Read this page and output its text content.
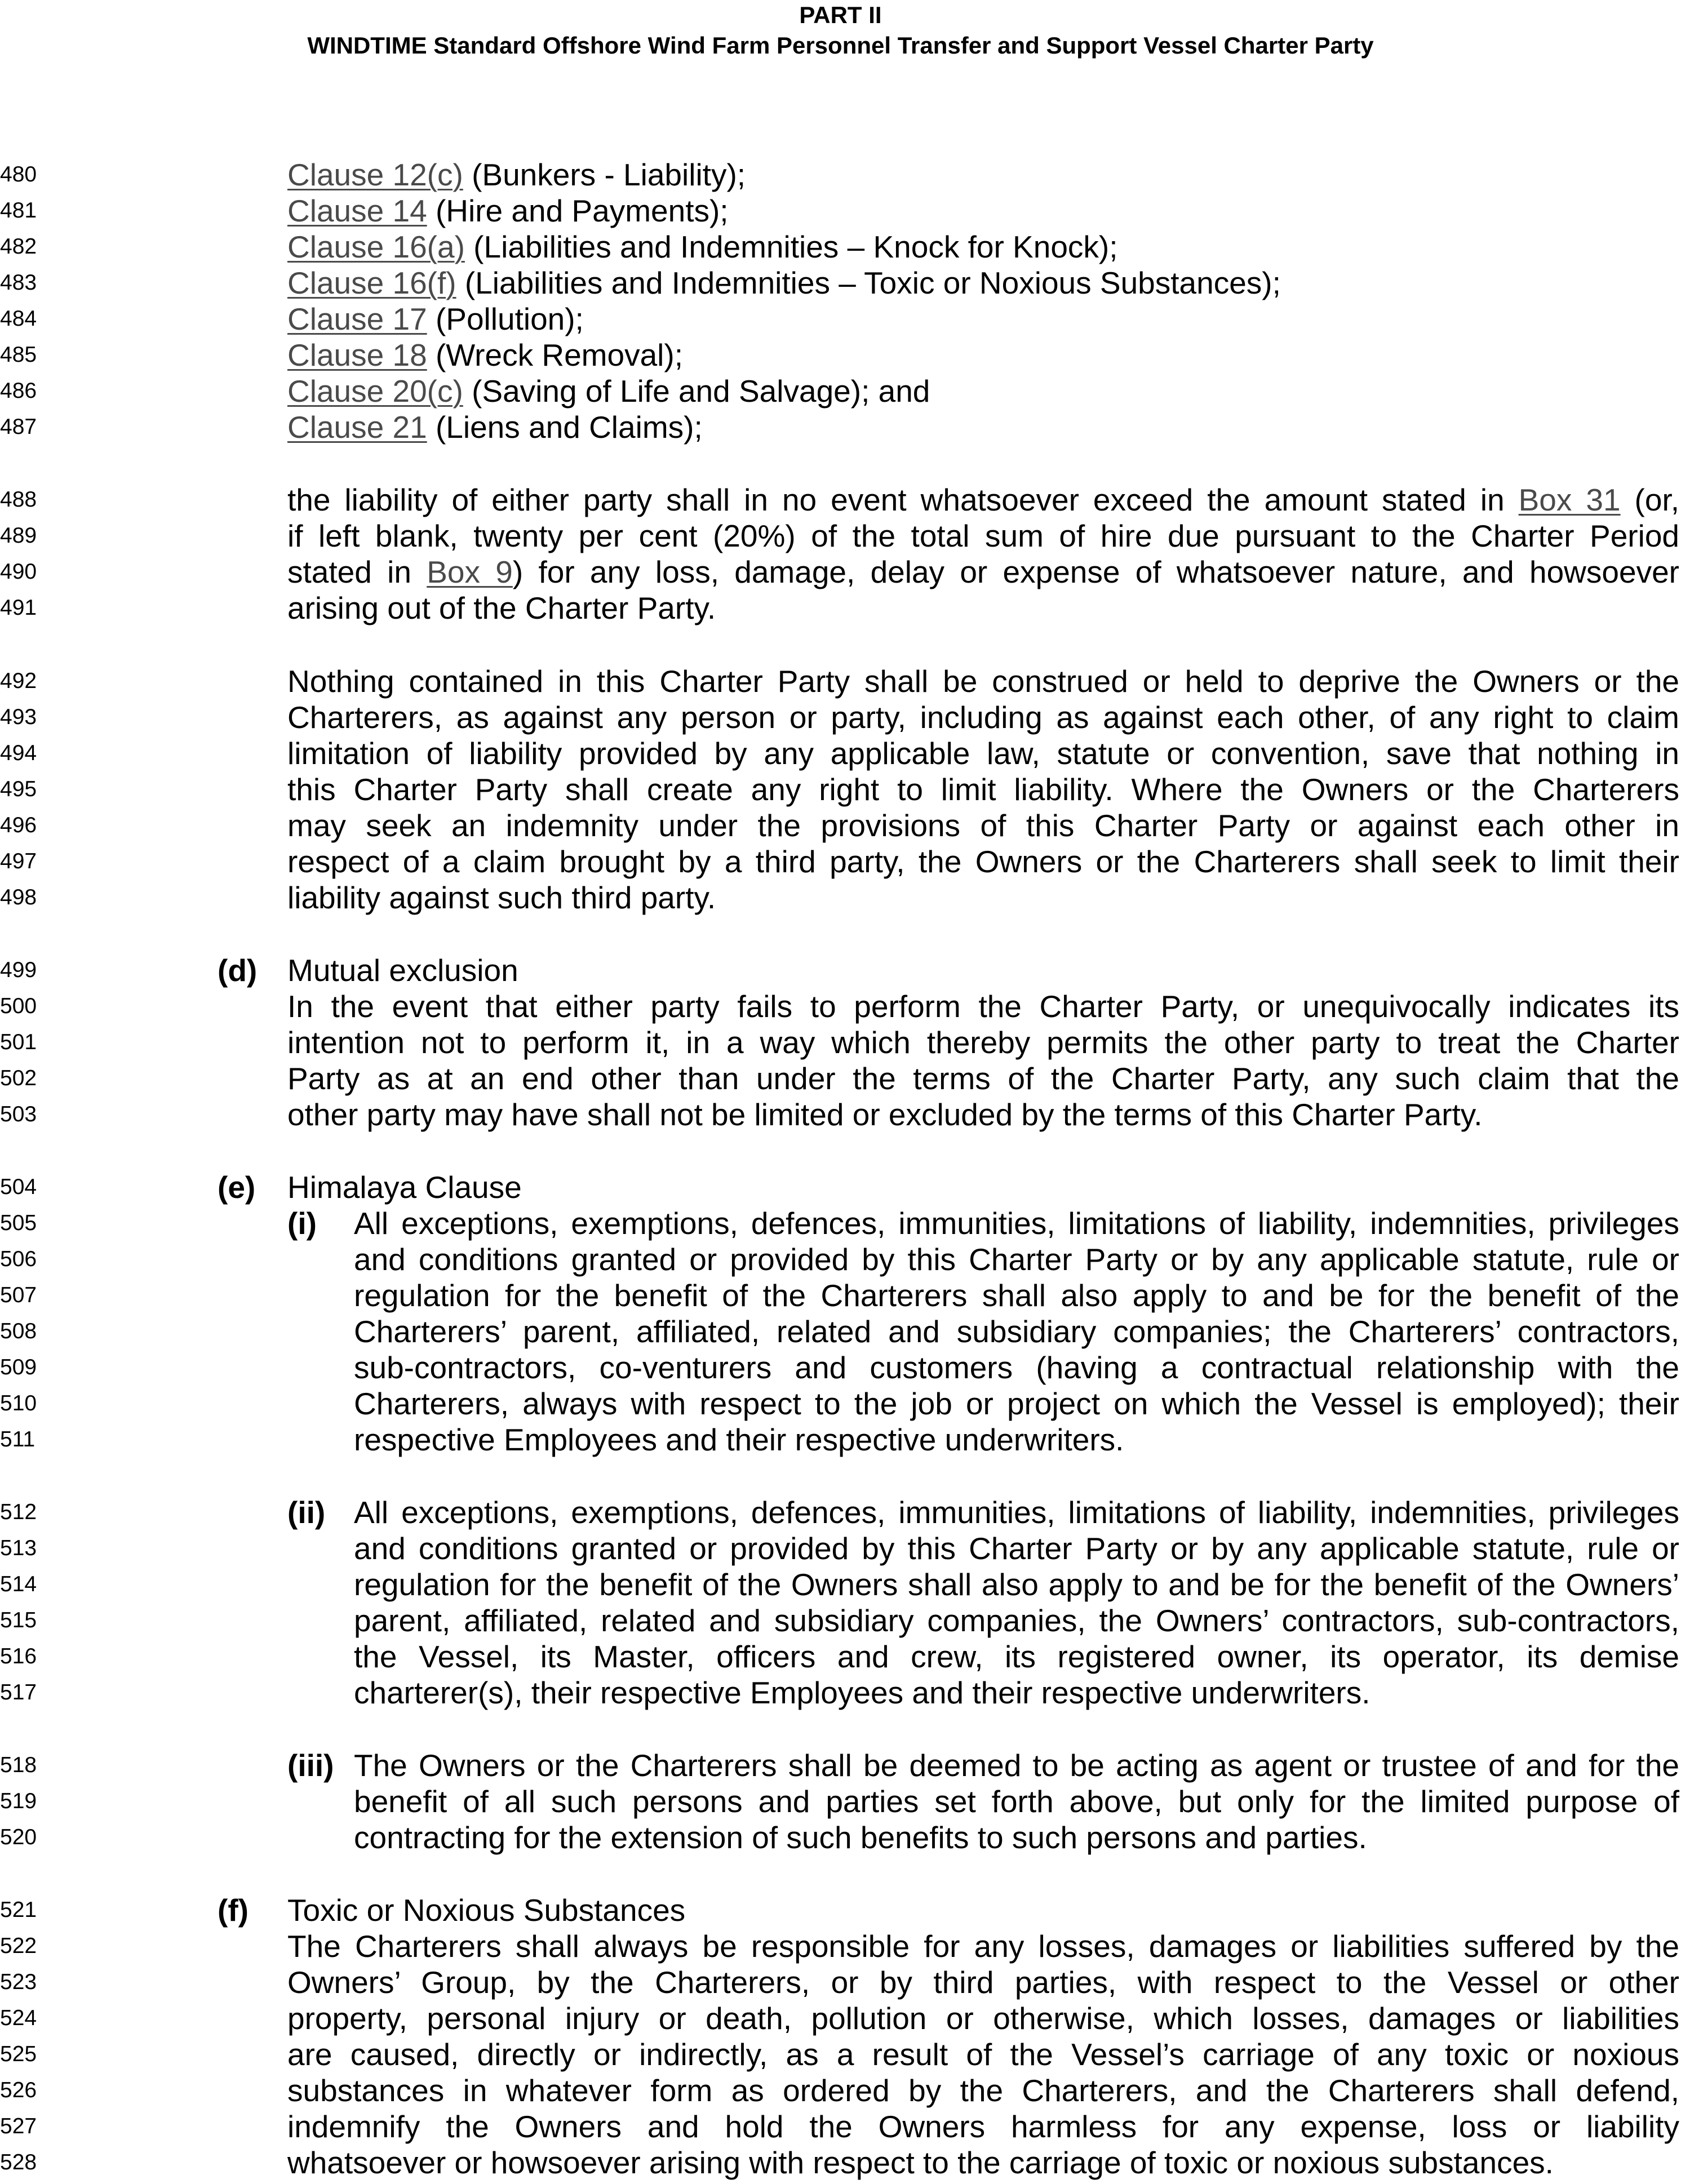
PART II
WINDTIME Standard Offshore Wind Farm Personnel Transfer and Support Vessel Charter Party
480	Clause 12(c) (Bunkers - Liability);
481	Clause 14 (Hire and Payments);
482	Clause 16(a) (Liabilities and Indemnities – Knock for Knock);
483	Clause 16(f) (Liabilities and Indemnities – Toxic or Noxious Substances);
484	Clause 17 (Pollution);
485	Clause 18 (Wreck Removal);
486	Clause 20(c) (Saving of Life and Salvage); and
487	Clause 21 (Liens and Claims);
488	the liability of either party shall in no event whatsoever exceed the amount stated in Box 31 (or,
489	if left blank, twenty per cent (20%) of the total sum of hire due pursuant to the Charter Period
490	stated in Box 9) for any loss, damage, delay or expense of whatsoever nature, and howsoever
491	arising out of the Charter Party.
492	Nothing contained in this Charter Party shall be construed or held to deprive the Owners or the
493	Charterers, as against any person or party, including as against each other, of any right to claim
494	limitation of liability provided by any applicable law, statute or convention, save that nothing in
495	this Charter Party shall create any right to limit liability. Where the Owners or the Charterers
496	may seek an indemnity under the provisions of this Charter Party or against each other in
497	respect of a claim brought by a third party, the Owners or the Charterers shall seek to limit their
498	liability against such third party.
499	(d) Mutual exclusion
500	In the event that either party fails to perform the Charter Party, or unequivocally indicates its
501	intention not to perform it, in a way which thereby permits the other party to treat the Charter
502	Party as at an end other than under the terms of the Charter Party, any such claim that the
503	other party may have shall not be limited or excluded by the terms of this Charter Party.
504	(e) Himalaya Clause
(i)
505	All exceptions, exemptions, defences, immunities, limitations of liability, indemnities, privileges
506	and conditions granted or provided by this Charter Party or by any applicable statute, rule or
507	regulation for the benefit of the Charterers shall also apply to and be for the benefit of the
508	Charterers’ parent, affiliated, related and subsidiary companies; the Charterers’ contractors,
509	sub-contractors, co-venturers and customers (having a contractual relationship with the
510	Charterers, always with respect to the job or project on which the Vessel is employed); their
511	respective Employees and their respective underwriters.
(ii)
512	All exceptions, exemptions, defences, immunities, limitations of liability, indemnities, privileges
513	and conditions granted or provided by this Charter Party or by any applicable statute, rule or
514	regulation for the benefit of the Owners shall also apply to and be for the benefit of the Owners’
515	parent, affiliated, related and subsidiary companies, the Owners’ contractors, sub-contractors,
516	the Vessel, its Master, officers and crew, its registered owner, its operator, its demise
517	charterer(s), their respective Employees and their respective underwriters.
(iii)
518	The Owners or the Charterers shall be deemed to be acting as agent or trustee of and for the
519	benefit of all such persons and parties set forth above, but only for the limited purpose of
520	contracting for the extension of such benefits to such persons and parties.
521	(f) Toxic or Noxious Substances
522	The Charterers shall always be responsible for any losses, damages or liabilities suffered by the
523	Owners’ Group, by the Charterers, or by third parties, with respect to the Vessel or other
524	property, personal injury or death, pollution or otherwise, which losses, damages or liabilities
525	are caused, directly or indirectly, as a result of the Vessel’s carriage of any toxic or noxious
526	substances in whatever form as ordered by the Charterers, and the Charterers shall defend,
527	indemnify the Owners and hold the Owners harmless for any expense, loss or liability
528	whatsoever or howsoever arising with respect to the carriage of toxic or noxious substances.
